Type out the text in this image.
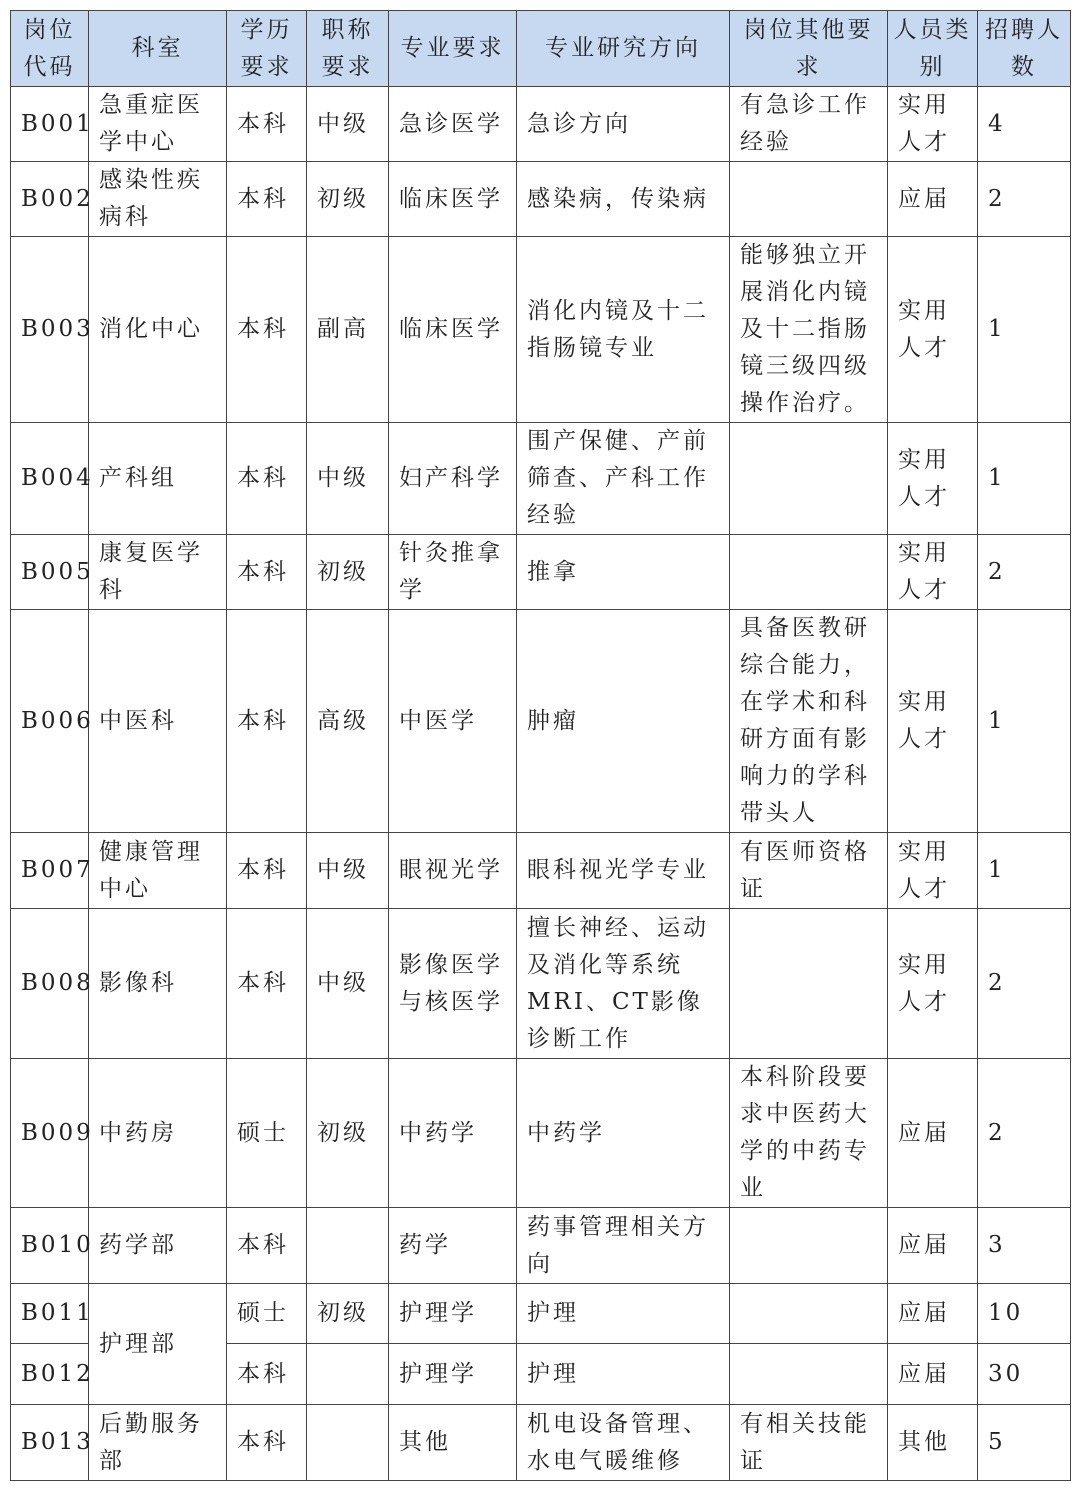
岗位代码	科室	学历要求	职称要求	专业要求	专业研究方向	岗位其他要求	人员类别	招聘人数
B001	急重症医学中心	本科	中级	急诊医学	急诊方向	有急诊工作经验	实用人才	4
B002	感染性疾病科	本科	初级	临床医学	感染病，传染病		应届	2
B003	消化中心	本科	副高	临床医学	消化内镜及十二指肠镜专业	能够独立开展消化内镜及十二指肠镜三级四级操作治疗。	实用人才	1
B004	产科组	本科	中级	妇产科学	围产保健、产前筛查、产科工作经验		实用人才	1
B005	康复医学科	本科	初级	针灸推拿学	推拿		实用人才	2
B006	中医科	本科	高级	中医学	肿瘤	具备医教研综合能力，在学术和科研方面有影响力的学科带头人	实用人才	1
B007	健康管理中心	本科	中级	眼视光学	眼科视光学专业	有医师资格证	实用人才	1
B008	影像科	本科	中级	影像医学与核医学	擅长神经、运动及消化等系统MRI、CT影像诊断工作		实用人才	2
B009	中药房	硕士	初级	中药学	中药学	本科阶段要求中医药大学的中药专业	应届	2
B010	药学部	本科		药学	药事管理相关方向		应届	3
B011	护理部	硕士	初级	护理学	护理		应届	10
B012		本科		护理学	护理		应届	30
B013	后勤服务部	本科		其他	机电设备管理、水电气暖维修	有相关技能证	其他	5
